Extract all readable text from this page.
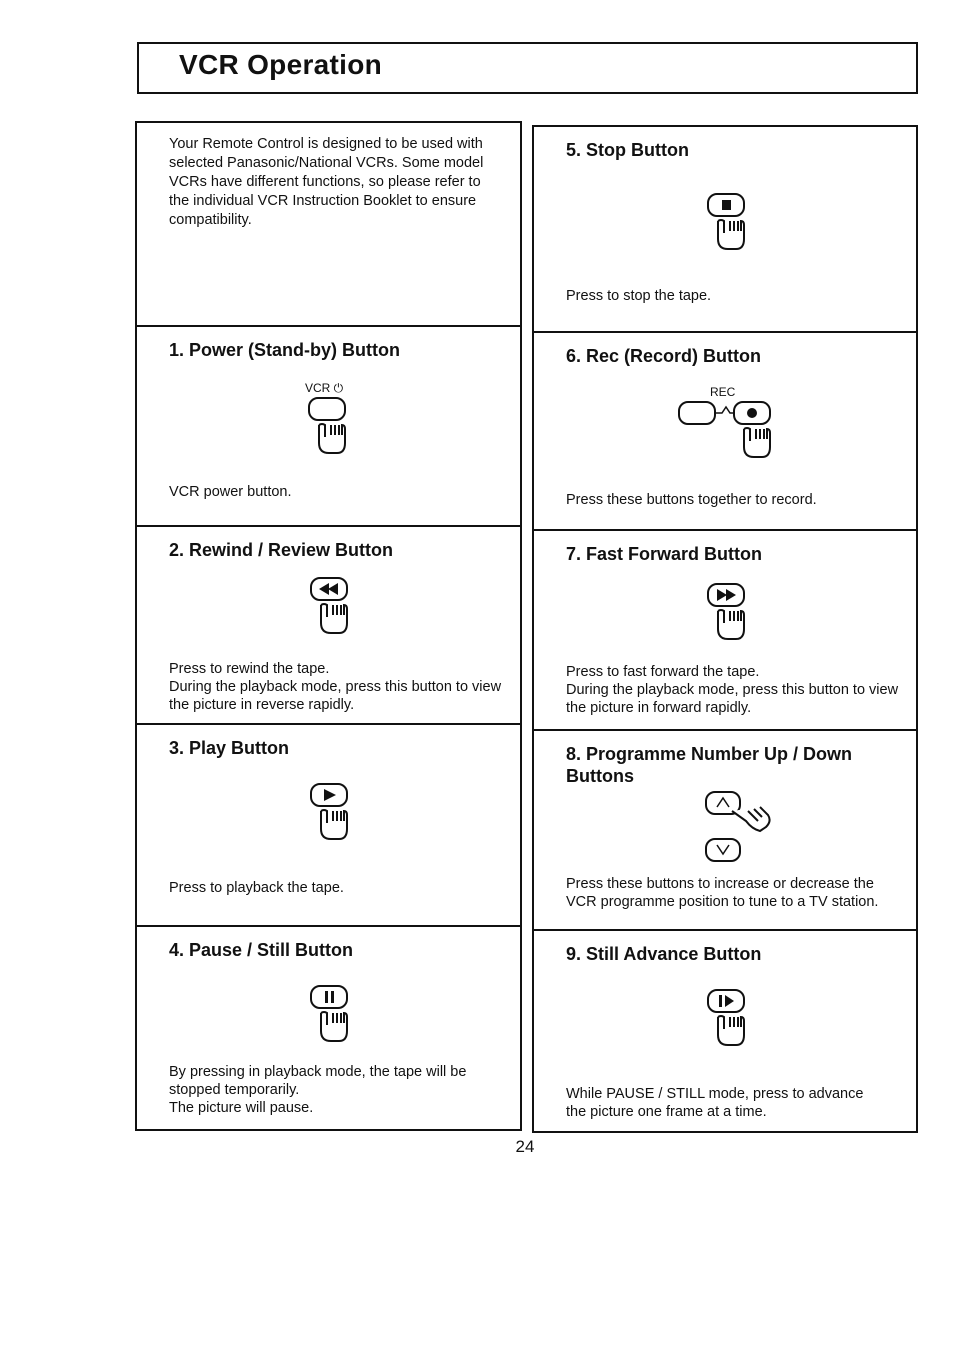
VCR Operation
Your Remote Control is designed to be used with selected Panasonic/National VCRs. Some model VCRs have different functions, so please refer to the individual VCR Instruction Booklet to ensure compatibility.
1. Power (Stand-by) Button
VCR ⏻
VCR power button.
2. Rewind / Review Button
Press to rewind the tape.
During the playback mode, press this button to view the picture in reverse rapidly.
3. Play Button
Press to playback the tape.
4. Pause / Still Button
By pressing in playback mode, the tape will be stopped temporarily.
The picture will pause.
5. Stop Button
Press to stop the tape.
6. Rec (Record) Button
REC
Press these buttons together to record.
7. Fast Forward Button
Press to fast forward the tape.
During the playback mode, press this button to view the picture in forward rapidly.
8. Programme Number Up / Down Buttons
Press these buttons to increase or decrease the VCR programme position to tune to a TV station.
9. Still Advance Button
While PAUSE / STILL mode, press to advance the picture one frame at a time.
24
